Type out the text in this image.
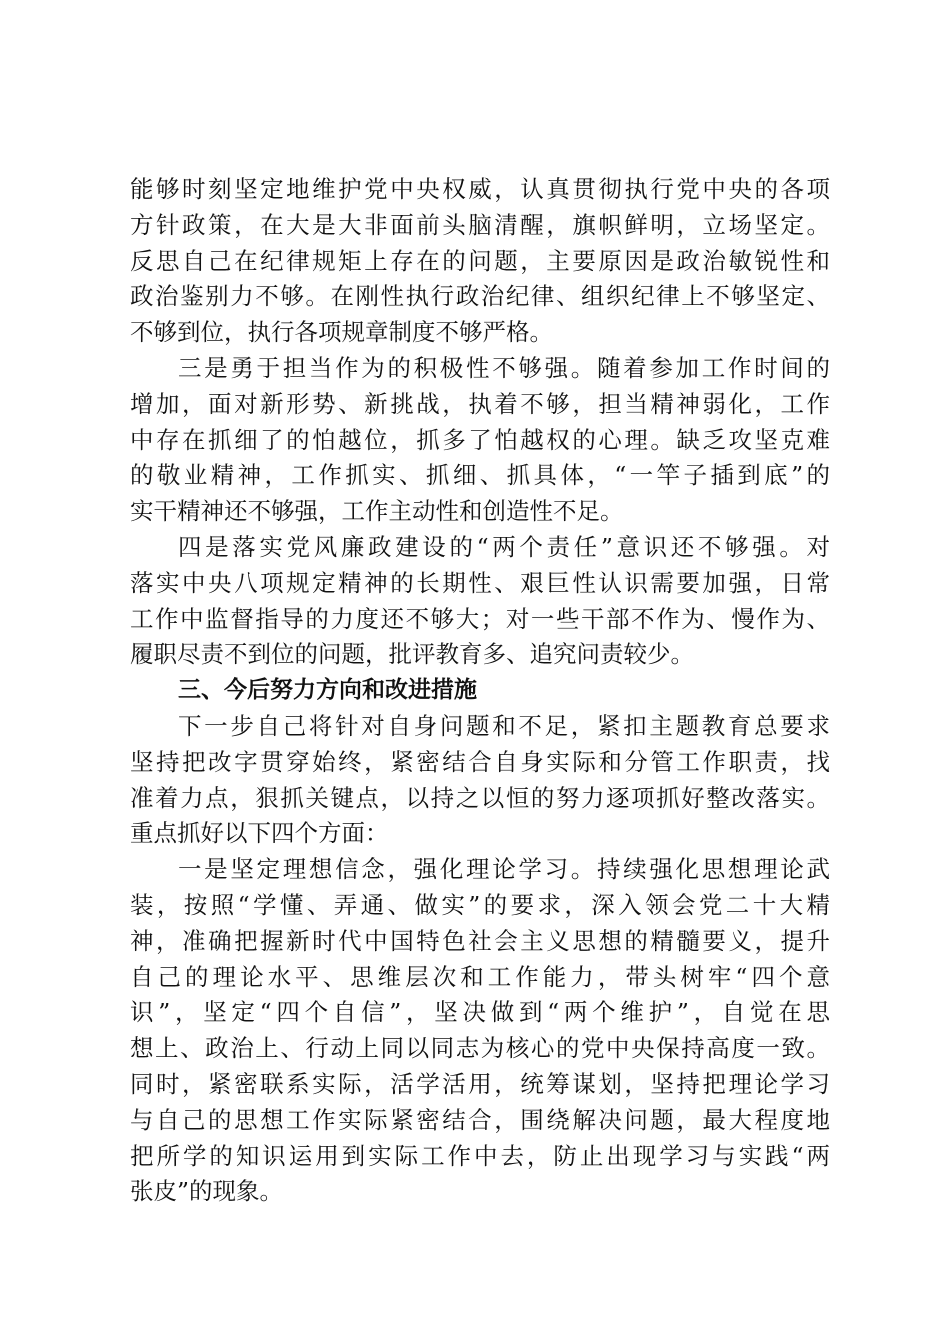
能够时刻坚定地维护党中央权威，认真贯彻执行党中央的各项
方针政策，在大是大非面前头脑清醒，旗帜鲜明，立场坚定。
反思自己在纪律规矩上存在的问题，主要原因是政治敏锐性和
政治鉴别力不够。在刚性执行政治纪律、组织纪律上不够坚定、
不够到位，执行各项规章制度不够严格。
三是勇于担当作为的积极性不够强。随着参加工作时间的
增加，面对新形势、新挑战，执着不够，担当精神弱化，工作
中存在抓细了的怕越位，抓多了怕越权的心理。缺乏攻坚克难
的敬业精神，工作抓实、抓细、抓具体，“一竿子插到底”的
实干精神还不够强，工作主动性和创造性不足。
四是落实党风廉政建设的“两个责任”意识还不够强。对
落实中央八项规定精神的长期性、艰巨性认识需要加强，日常
工作中监督指导的力度还不够大；对一些干部不作为、慢作为、
履职尽责不到位的问题，批评教育多、追究问责较少。
三、今后努力方向和改进措施
下一步自己将针对自身问题和不足，紧扣主题教育总要求
坚持把改字贯穿始终，紧密结合自身实际和分管工作职责，找
准着力点，狠抓关键点，以持之以恒的努力逐项抓好整改落实。
重点抓好以下四个方面：
一是坚定理想信念，强化理论学习。持续强化思想理论武
装，按照“学懂、弄通、做实”的要求，深入领会党二十大精
神，准确把握新时代中国特色社会主义思想的精髓要义，提升
自己的理论水平、思维层次和工作能力，带头树牢“四个意
识”，坚定“四个自信”，坚决做到“两个维护”，自觉在思
想上、政治上、行动上同以同志为核心的党中央保持高度一致。
同时，紧密联系实际，活学活用，统筹谋划，坚持把理论学习
与自己的思想工作实际紧密结合，围绕解决问题，最大程度地
把所学的知识运用到实际工作中去，防止出现学习与实践“两
张皮”的现象。
